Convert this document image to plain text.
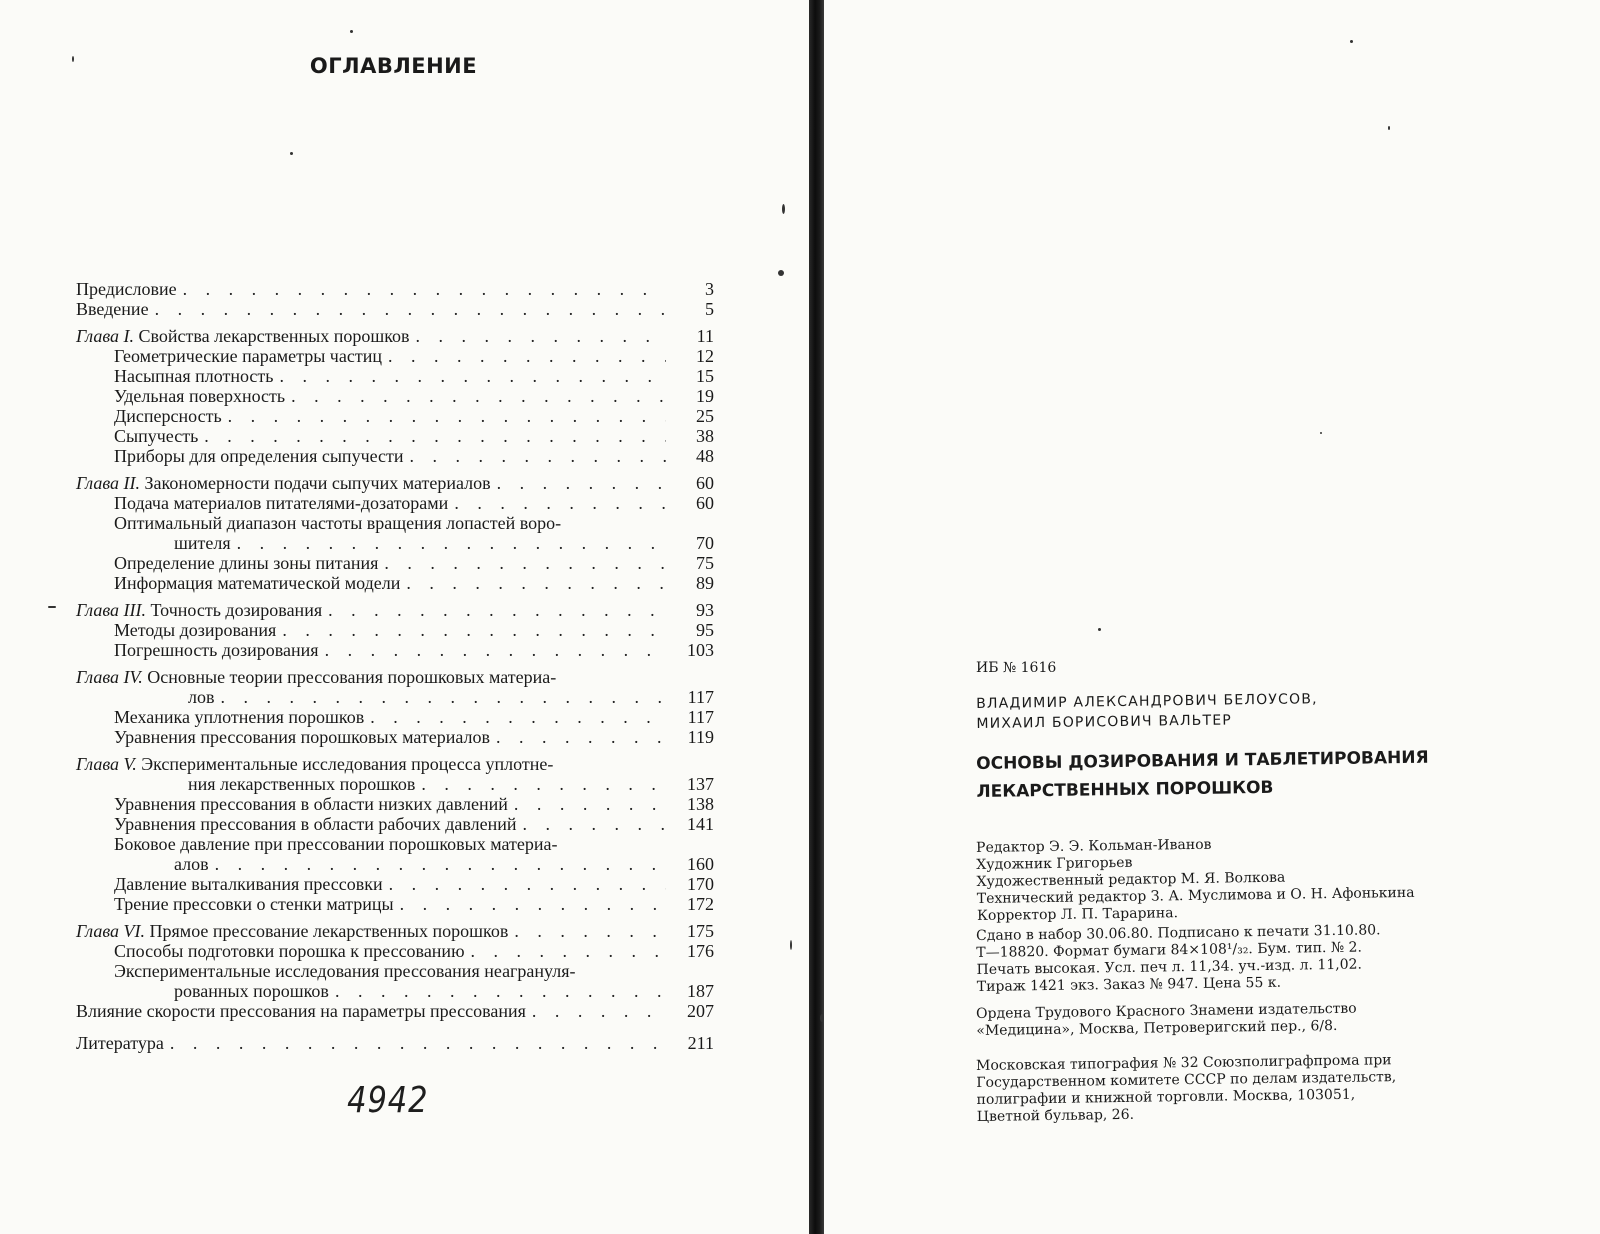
ОГЛАВЛЕНИЕ
Предисловие . . .	3
Введение . . .	5
Глава I. Свойства лекарственных порошков . . .	11
Геометрические параметры частиц . . .	12
Насыпная плотность . . .	15
Удельная поверхность . . .	19
Дисперсность . . .	25
Сыпучесть . . .	38
Приборы для определения сыпучести . . .	48
Глава II. Закономерности подачи сыпучих материалов . . .	60
Подача материалов питателями-дозаторами . . .	60
Оптимальный диапазон частоты вращения лопастей воро-
шителя . . .	70
Определение длины зоны питания . . .	75
Информация математической модели . . .	89
Глава III. Точность дозирования . . .	93
Методы дозирования . . .	95
Погрешность дозирования . . .	103
Глава IV. Основные теории прессования порошковых материа-
лов . . .	117
Механика уплотнения порошков . . .	117
Уравнения прессования порошковых материалов . . .	119
Глава V. Экспериментальные исследования процесса уплотне-
ния лекарственных порошков . . .	137
Уравнения прессования в области низких давлений . . .	138
Уравнения прессования в области рабочих давлений . . .	141
Боковое давление при прессовании порошковых материа-
алов . . .	160
Давление выталкивания прессовки . . .	170
Трение прессовки о стенки матрицы . . .	172
Глава VI. Прямое прессование лекарственных порошков . . .	175
Способы подготовки порошка к прессованию . . .	176
Экспериментальные исследования прессования неагрануля-
рованных порошков . . .	187
Влияние скорости прессования на параметры прессования . . .	207
Литература . . .	211
4942
ИБ № 1616
ВЛАДИМИР АЛЕКСАНДРОВИЧ БЕЛОУСОВ,
МИХАИЛ БОРИСОВИЧ ВАЛЬТЕР
ОСНОВЫ ДОЗИРОВАНИЯ И ТАБЛЕТИРОВАНИЯ
ЛЕКАРСТВЕННЫХ ПОРОШКОВ
Редактор Э. Э. Кольман-Иванов
Художник Григорьев
Художественный редактор М. Я. Волкова
Технический редактор З. А. Муслимова и О. Н. Афонькина
Корректор Л. П. Тараринa.
Сдано в набор 30.06.80. Подписано к печати 31.10.80.
Т—18820. Формат бумаги 84×108¹/₃₂. Бум. тип. № 2.
Печать высокая. Усл. печ л. 11,34. уч.-изд. л. 11,02.
Тираж 1421 экз. Заказ № 947. Цена 55 к.
Ордена Трудового Красного Знамени издательство
«Медицина», Москва, Петроверигский пер., 6/8.
Московская типография № 32 Союзполиграфпрома при
Государственном комитете СССР по делам издательств,
полиграфии и книжной торговли. Москва, 103051,
Цветной бульвар, 26.
